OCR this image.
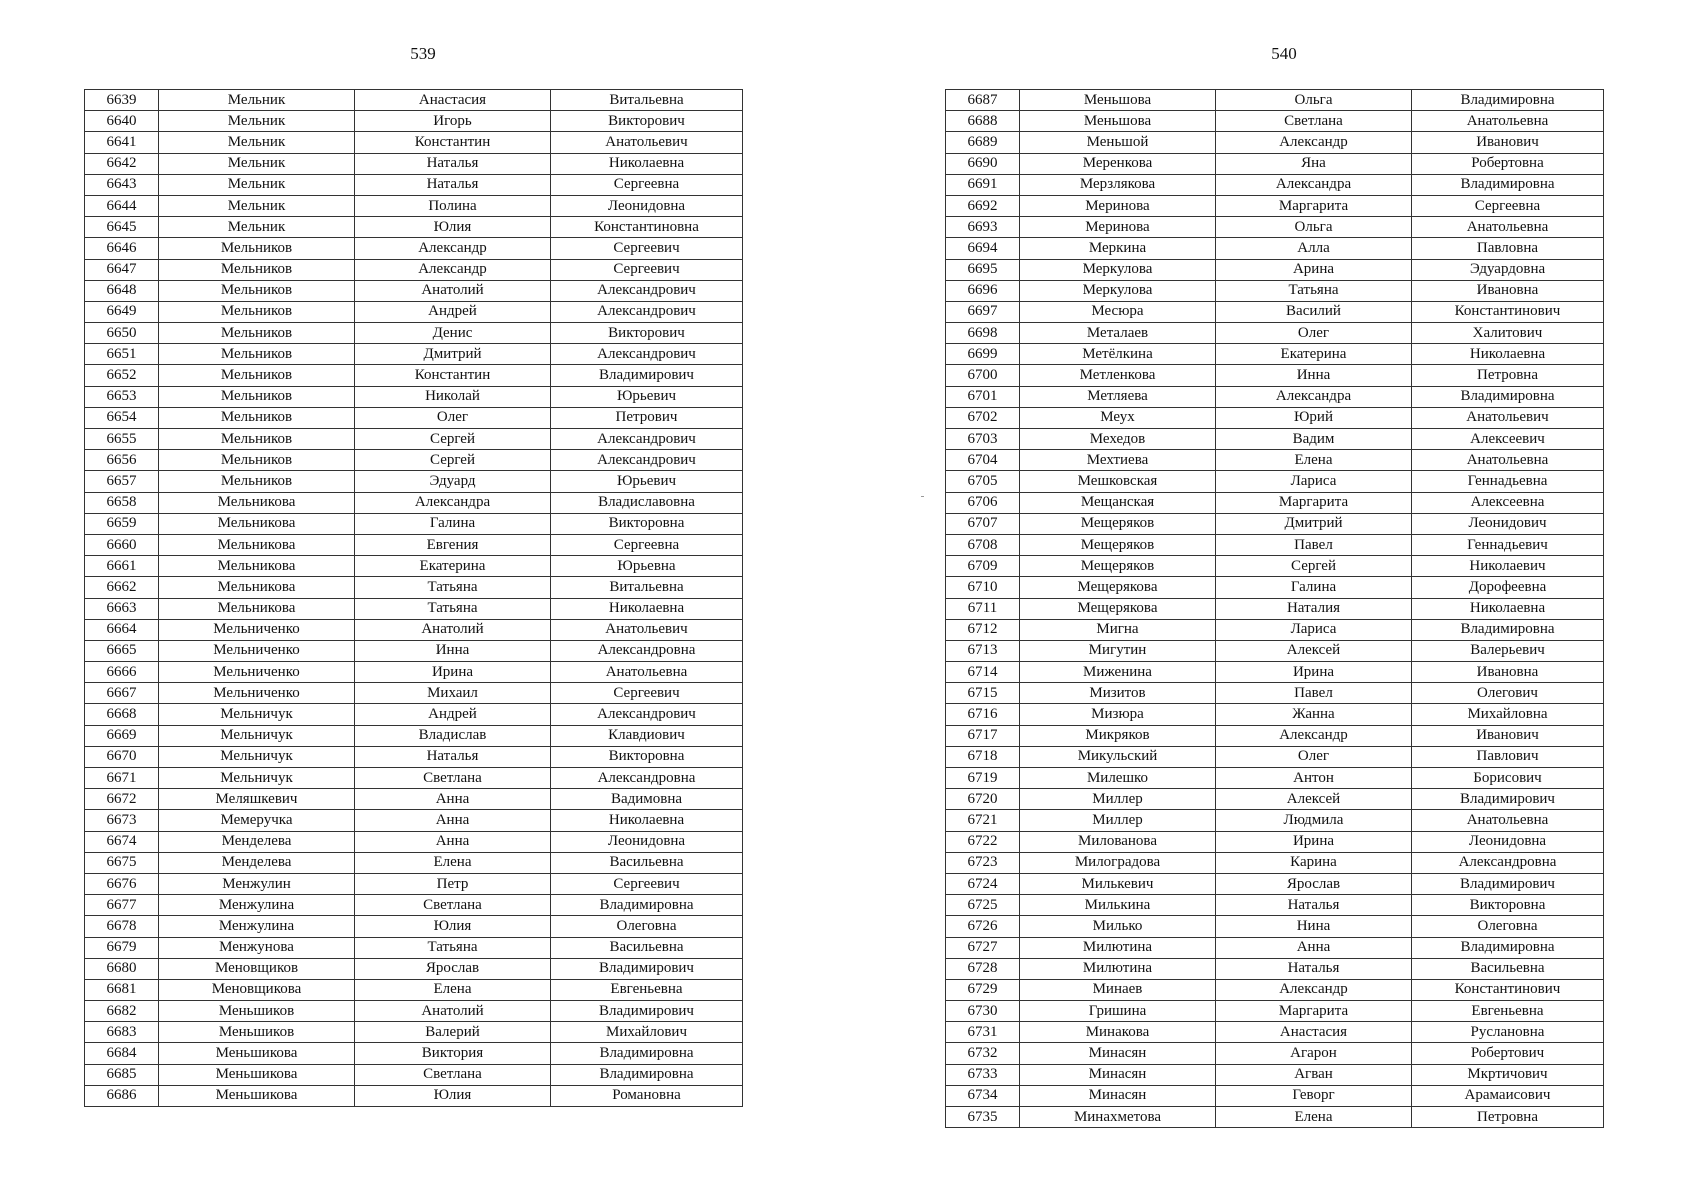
539	540
6639	Мельник	Анастасия	Витальевна
6640	Мельник	Игорь	Викторович
6641	Мельник	Константин	Анатольевич
6642	Мельник	Наталья	Николаевна
6643	Мельник	Наталья	Сергеевна
6644	Мельник	Полина	Леонидовна
6645	Мельник	Юлия	Константиновна
6646	Мельников	Александр	Сергеевич
6647	Мельников	Александр	Сергеевич
6648	Мельников	Анатолий	Александрович
6649	Мельников	Андрей	Александрович
6650	Мельников	Денис	Викторович
6651	Мельников	Дмитрий	Александрович
6652	Мельников	Константин	Владимирович
6653	Мельников	Николай	Юрьевич
6654	Мельников	Олег	Петрович
6655	Мельников	Сергей	Александрович
6656	Мельников	Сергей	Александрович
6657	Мельников	Эдуард	Юрьевич
6658	Мельникова	Александра	Владиславовна
6659	Мельникова	Галина	Викторовна
6660	Мельникова	Евгения	Сергеевна
6661	Мельникова	Екатерина	Юрьевна
6662	Мельникова	Татьяна	Витальевна
6663	Мельникова	Татьяна	Николаевна
6664	Мельниченко	Анатолий	Анатольевич
6665	Мельниченко	Инна	Александровна
6666	Мельниченко	Ирина	Анатольевна
6667	Мельниченко	Михаил	Сергеевич
6668	Мельничук	Андрей	Александрович
6669	Мельничук	Владислав	Клавдиович
6670	Мельничук	Наталья	Викторовна
6671	Мельничук	Светлана	Александровна
6672	Меляшкевич	Анна	Вадимовна
6673	Мемеручка	Анна	Николаевна
6674	Менделева	Анна	Леонидовна
6675	Менделева	Елена	Васильевна
6676	Менжулин	Петр	Сергеевич
6677	Менжулина	Светлана	Владимировна
6678	Менжулина	Юлия	Олеговна
6679	Менжунова	Татьяна	Васильевна
6680	Меновщиков	Ярослав	Владимирович
6681	Меновщикова	Елена	Евгеньевна
6682	Меньшиков	Анатолий	Владимирович
6683	Меньшиков	Валерий	Михайлович
6684	Меньшикова	Виктория	Владимировна
6685	Меньшикова	Светлана	Владимировна
6686	Меньшикова	Юлия	Романовна
6687	Меньшова	Ольга	Владимировна
6688	Меньшова	Светлана	Анатольевна
6689	Меньшой	Александр	Иванович
6690	Меренкова	Яна	Робертовна
6691	Мерзлякова	Александра	Владимировна
6692	Меринова	Маргарита	Сергеевна
6693	Меринова	Ольга	Анатольевна
6694	Меркина	Алла	Павловна
6695	Меркулова	Арина	Эдуардовна
6696	Меркулова	Татьяна	Ивановна
6697	Месюра	Василий	Константинович
6698	Металаев	Олег	Халитович
6699	Метёлкина	Екатерина	Николаевна
6700	Метленкова	Инна	Петровна
6701	Метляева	Александра	Владимировна
6702	Меух	Юрий	Анатольевич
6703	Мехедов	Вадим	Алексеевич
6704	Мехтиева	Елена	Анатольевна
6705	Мешковская	Лариса	Геннадьевна
6706	Мещанская	Маргарита	Алексеевна
6707	Мещеряков	Дмитрий	Леонидович
6708	Мещеряков	Павел	Геннадьевич
6709	Мещеряков	Сергей	Николаевич
6710	Мещерякова	Галина	Дорофеевна
6711	Мещерякова	Наталия	Николаевна
6712	Мигна	Лариса	Владимировна
6713	Мигутин	Алексей	Валерьевич
6714	Миженина	Ирина	Ивановна
6715	Мизитов	Павел	Олегович
6716	Мизюра	Жанна	Михайловна
6717	Микряков	Александр	Иванович
6718	Микульский	Олег	Павлович
6719	Милешко	Антон	Борисович
6720	Миллер	Алексей	Владимирович
6721	Миллер	Людмила	Анатольевна
6722	Милованова	Ирина	Леонидовна
6723	Милоградова	Карина	Александровна
6724	Милькевич	Ярослав	Владимирович
6725	Милькина	Наталья	Викторовна
6726	Милько	Нина	Олеговна
6727	Милютина	Анна	Владимировна
6728	Милютина	Наталья	Васильевна
6729	Минаев	Александр	Константинович
6730	Гришина	Маргарита	Евгеньевна
6731	Минакова	Анастасия	Руслановна
6732	Минасян	Агарон	Робертович
6733	Минасян	Агван	Мкртичович
6734	Минасян	Геворг	Арамаисович
6735	Минахметова	Елена	Петровна
